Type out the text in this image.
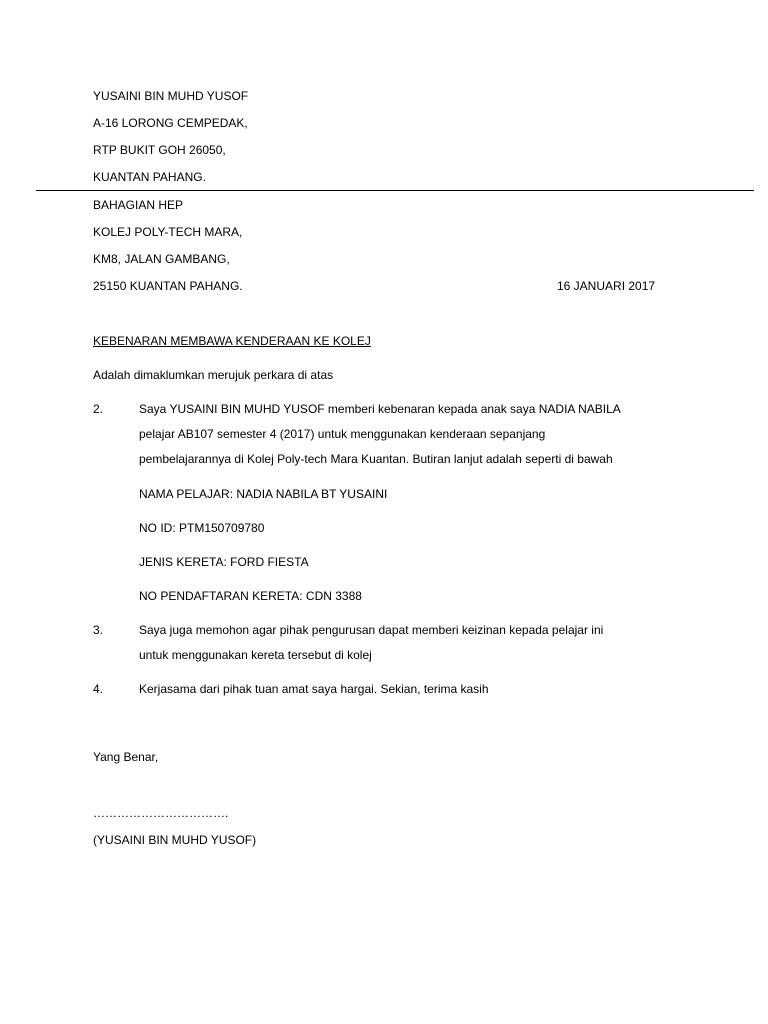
YUSAINI BIN MUHD YUSOF
A-16 LORONG CEMPEDAK,
RTP BUKIT GOH 26050,
KUANTAN PAHANG.
BAHAGIAN HEP
KOLEJ POLY-TECH MARA,
KM8, JALAN GAMBANG,
25150 KUANTAN PAHANG.	16 JANUARI 2017
KEBENARAN MEMBAWA KENDERAAN KE KOLEJ
Adalah dimaklumkan merujuk perkara di atas
2.	Saya YUSAINI BIN MUHD YUSOF memberi kebenaran kepada anak saya NADIA NABILA
pelajar AB107 semester 4 (2017) untuk menggunakan kenderaan sepanjang
pembelajarannya di Kolej Poly-tech Mara Kuantan. Butiran lanjut adalah seperti di bawah
NAMA PELAJAR: NADIA NABILA BT YUSAINI
NO ID: PTM150709780
JENIS KERETA: FORD FIESTA
NO PENDAFTARAN KERETA: CDN 3388
3.	Saya juga memohon agar pihak pengurusan dapat memberi keizinan kepada pelajar ini
untuk menggunakan kereta tersebut di kolej
4.	Kerjasama dari pihak tuan amat saya hargai. Sekian, terima kasih
Yang Benar,
…………………………….
(YUSAINI BIN MUHD YUSOF)
